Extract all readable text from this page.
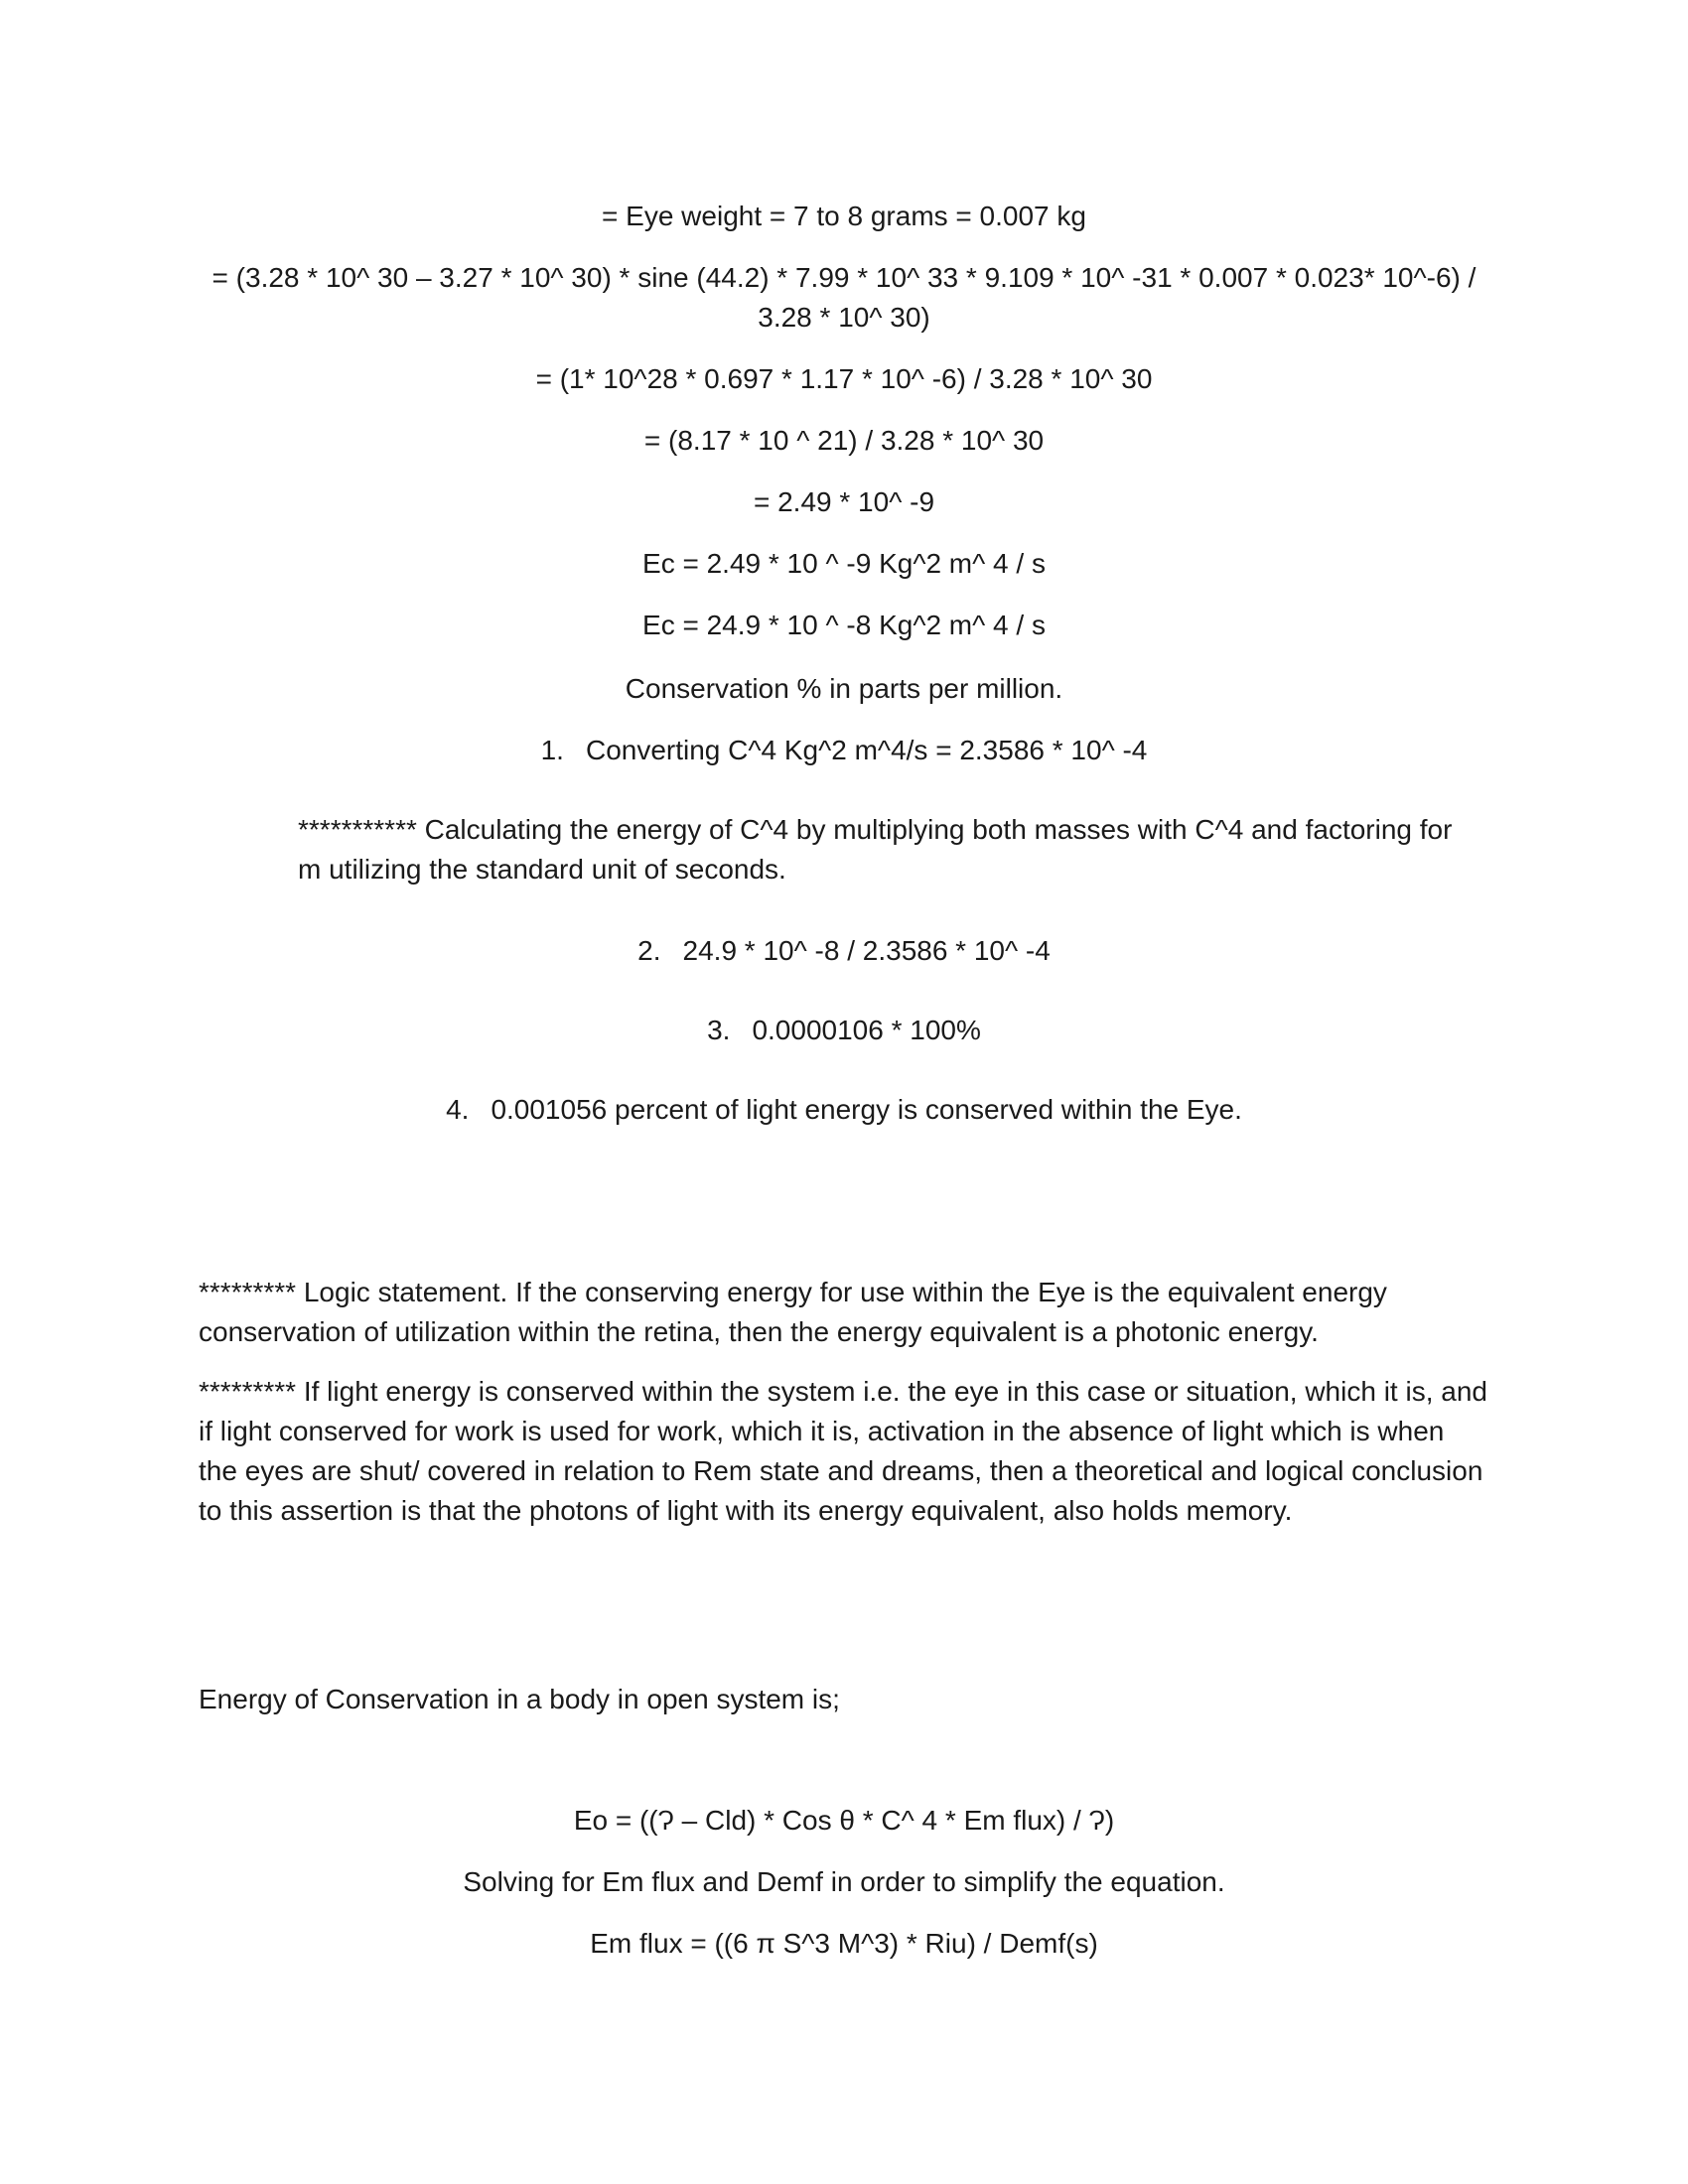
= Eye weight = 7 to 8 grams = 0.007 kg
= (3.28 * 10^ 30 – 3.27 * 10^ 30) * sine (44.2) * 7.99 * 10^ 33 * 9.109 * 10^ -31 * 0.007 * 0.023* 10^-6) / 3.28 * 10^ 30)
= (1* 10^28 * 0.697 * 1.17 * 10^ -6) / 3.28 * 10^ 30
= (8.17 * 10 ^ 21) / 3.28 * 10^ 30
= 2.49 * 10^ -9
Ec = 2.49 * 10 ^ -9 Kg^2 m^ 4 / s
Ec = 24.9 * 10 ^ -8 Kg^2 m^ 4 / s
Conservation % in parts per million.
1. Converting C^4 Kg^2 m^4/s = 2.3586 * 10^ -4
*********** Calculating the energy of C^4 by multiplying both masses with C^4 and factoring for m utilizing the standard unit of seconds.
2. 24.9 * 10^ -8 / 2.3586 * 10^ -4
3. 0.0000106 * 100%
4. 0.001056 percent of light energy is conserved within the Eye.
********* Logic statement. If the conserving energy for use within the Eye is the equivalent energy conservation of utilization within the retina, then the energy equivalent is a photonic energy.
********* If light energy is conserved within the system i.e. the eye in this case or situation, which it is, and if light conserved for work is used for work, which it is, activation in the absence of light which is when the eyes are shut/ covered in relation to Rem state and dreams, then a theoretical and logical conclusion to this assertion is that the photons of light with its energy equivalent, also holds memory.
Energy of Conservation in a body in open system is;
Eo = ((Ɂ – Cld) * Cos θ * C^ 4 * Em flux) / Ɂ)
Solving for Em flux and Demf in order to simplify the equation.
Em flux = ((6 π S^3 M^3) * Riu) / Demf(s)
